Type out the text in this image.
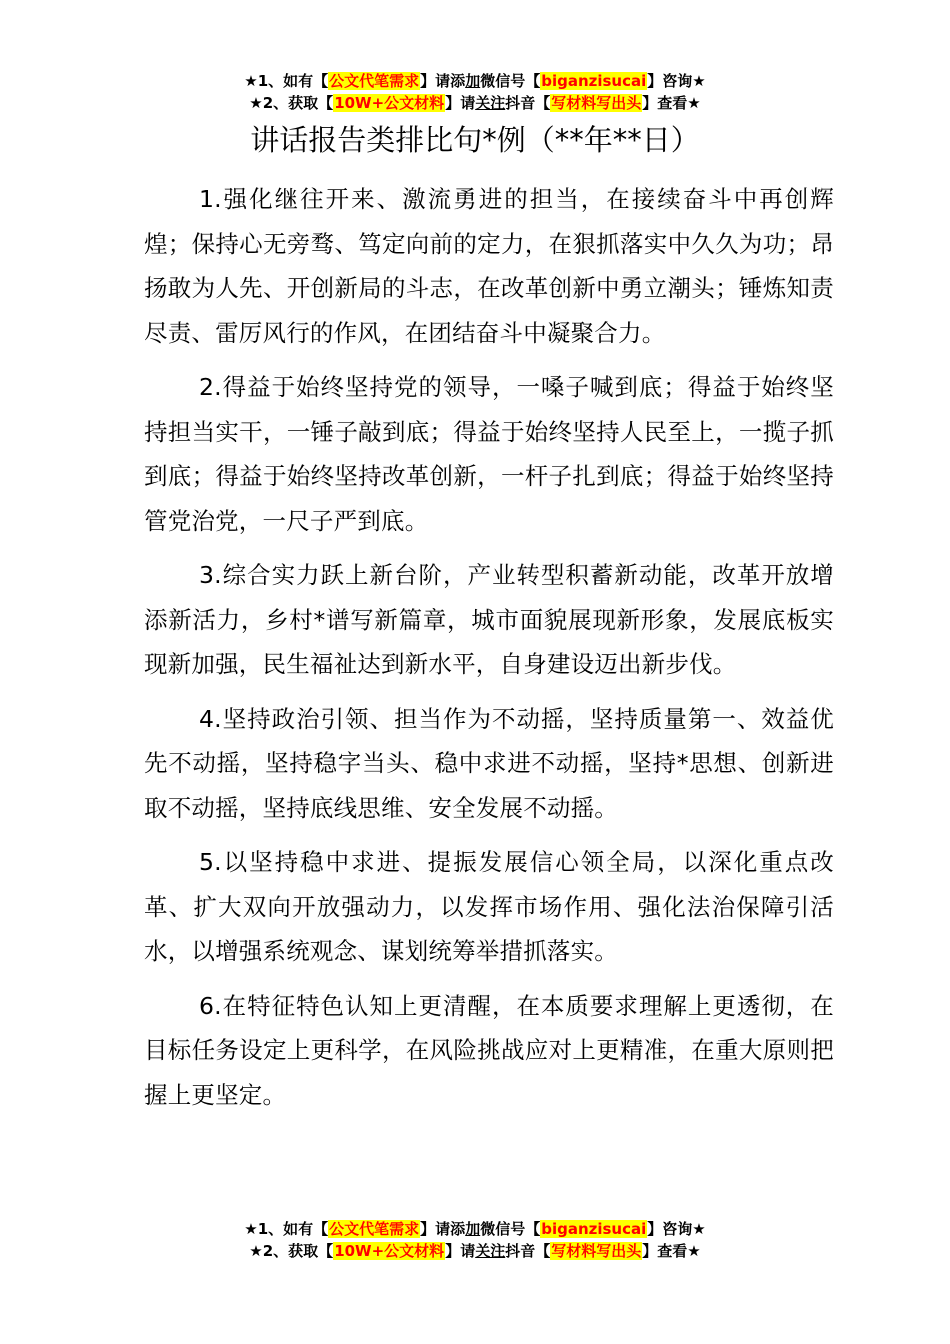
★1、如有【公文代笔需求】请添加微信号【biganzisucai】咨询★
★2、获取【10W+公文材料】请关注抖音【写材料写出头】查看★
讲话报告类排比句*例（**年**日）

1.强化继往开来、激流勇进的担当，在接续奋斗中再创辉煌；保持心无旁骛、笃定向前的定力，在狠抓落实中久久为功；昂扬敢为人先、开创新局的斗志，在改革创新中勇立潮头；锤炼知责尽责、雷厉风行的作风，在团结奋斗中凝聚合力。

2.得益于始终坚持党的领导，一嗓子喊到底；得益于始终坚持担当实干，一锤子敲到底；得益于始终坚持人民至上，一揽子抓到底；得益于始终坚持改革创新，一杆子扎到底；得益于始终坚持管党治党，一尺子严到底。

3.综合实力跃上新台阶，产业转型积蓄新动能，改革开放增添新活力，乡村*谱写新篇章，城市面貌展现新形象，发展底板实现新加强，民生福祉达到新水平，自身建设迈出新步伐。

4.坚持政治引领、担当作为不动摇，坚持质量第一、效益优先不动摇，坚持稳字当头、稳中求进不动摇，坚持*思想、创新进取不动摇，坚持底线思维、安全发展不动摇。

5.以坚持稳中求进、提振发展信心领全局，以深化重点改革、扩大双向开放强动力，以发挥市场作用、强化法治保障引活水，以增强系统观念、谋划统筹举措抓落实。

6.在特征特色认知上更清醒，在本质要求理解上更透彻，在目标任务设定上更科学，在风险挑战应对上更精准，在重大原则把握上更坚定。

★1、如有【公文代笔需求】请添加微信号【biganzisucai】咨询★
★2、获取【10W+公文材料】请关注抖音【写材料写出头】查看★
